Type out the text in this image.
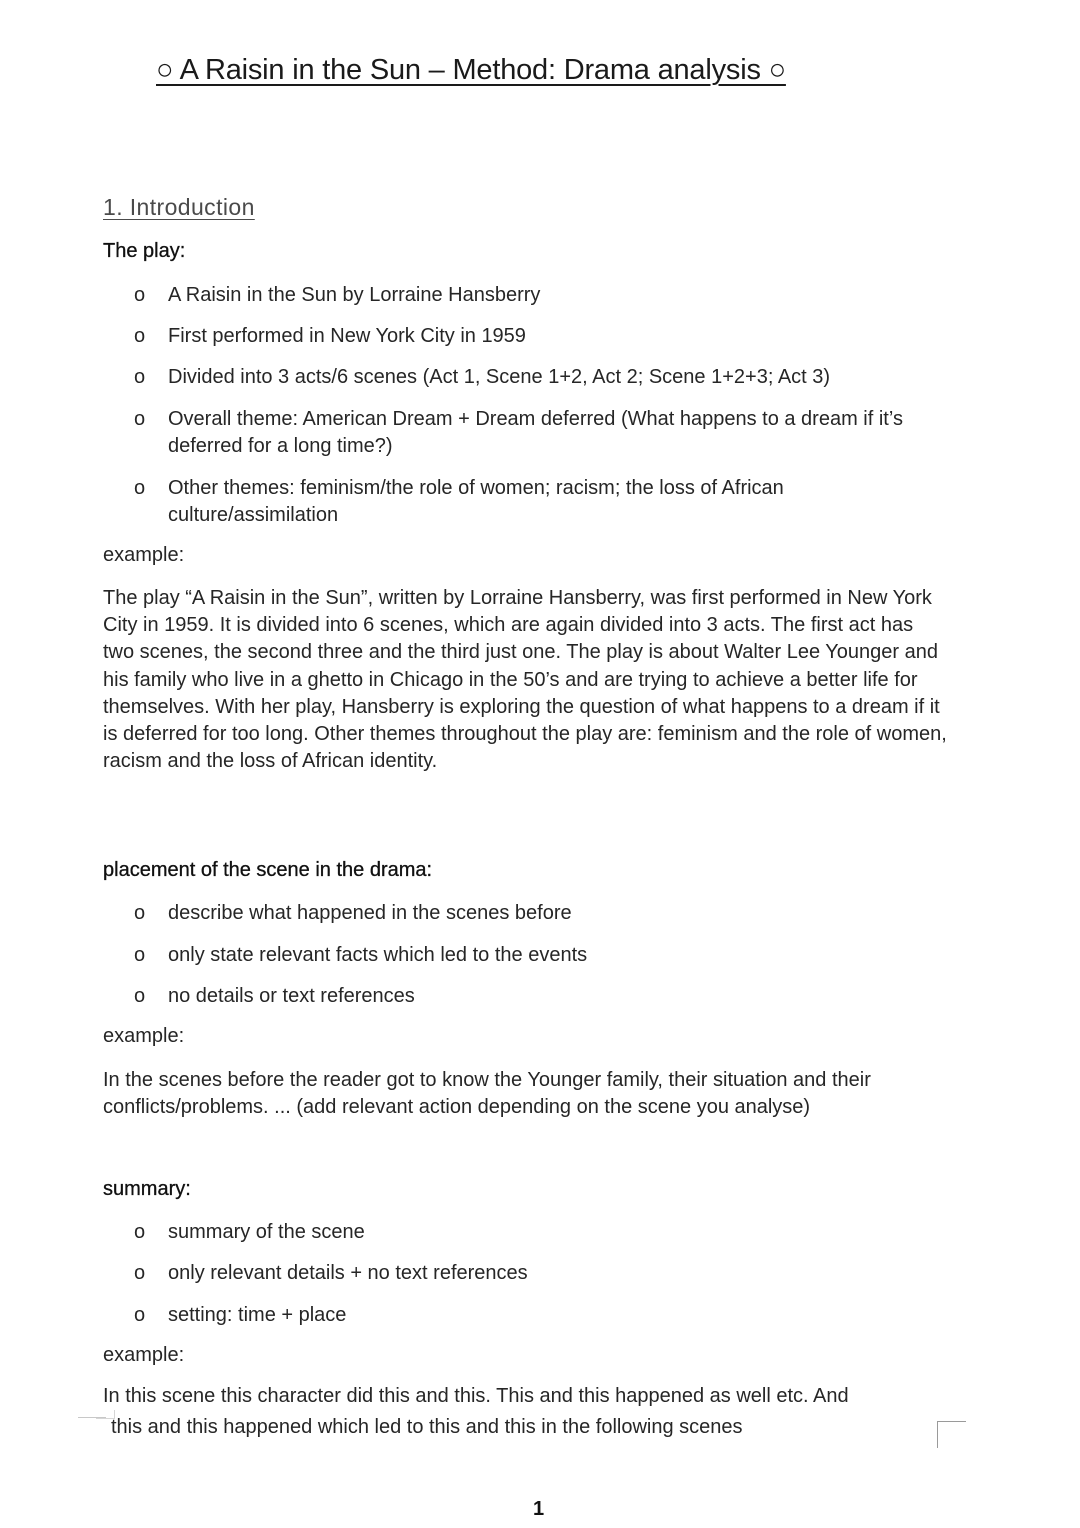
○ A Raisin in the Sun – Method: Drama analysis ○
1. Introduction
The play:
o A Raisin in the Sun by Lorraine Hansberry
o First performed in New York City in 1959
o Divided into 3 acts/6 scenes (Act 1, Scene 1+2, Act 2; Scene 1+2+3; Act 3)
o Overall theme: American Dream + Dream deferred (What happens to a dream if it’s deferred for a long time?)
o Other themes: feminism/the role of women; racism; the loss of African culture/assimilation
example:
The play “A Raisin in the Sun”, written by Lorraine Hansberry, was first performed in New York City in 1959. It is divided into 6 scenes, which are again divided into 3 acts. The first act has two scenes, the second three and the third just one. The play is about Walter Lee Younger and his family who live in a ghetto in Chicago in the 50’s and are trying to achieve a better life for themselves. With her play, Hansberry is exploring the question of what happens to a dream if it is deferred for too long. Other themes throughout the play are: feminism and the role of women, racism and the loss of African identity.
placement of the scene in the drama:
o describe what happened in the scenes before
o only state relevant facts which led to the events
o no details or text references
example:
In the scenes before the reader got to know the Younger family, their situation and their conflicts/problems. ... (add relevant action depending on the scene you analyse)
summary:
o summary of the scene
o only relevant details + no text references
o setting: time + place
example:
In this scene this character did this and this. This and this happened as well etc. And
this and this happened which led to this and this in the following scenes
1
